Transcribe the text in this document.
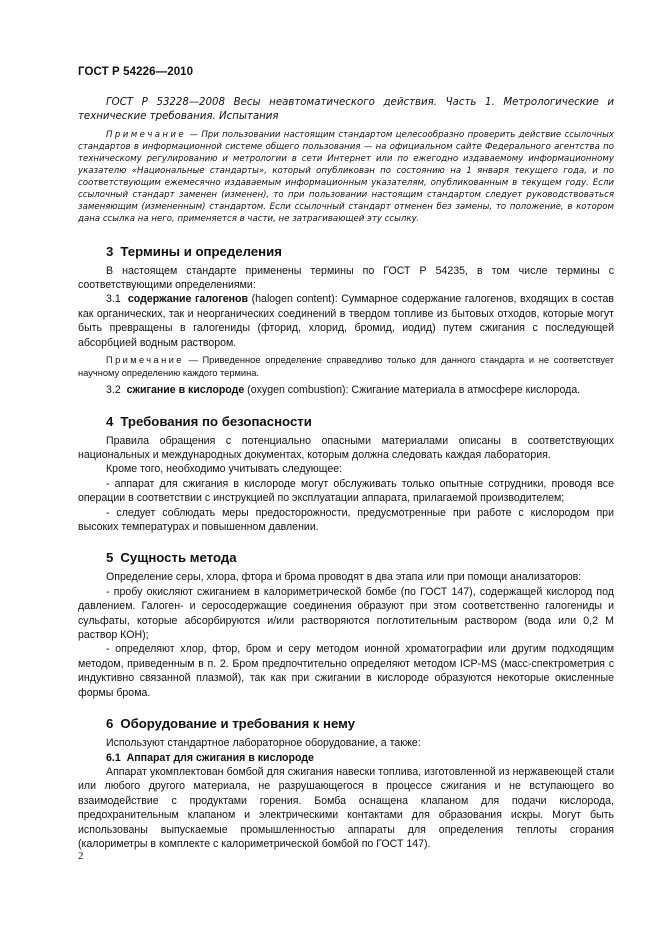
ГОСТ Р 54226—2010

ГОСТ Р 53228—2008 Весы неавтоматического действия. Часть 1. Метрологические и технические требования. Испытания

Примечание — При пользовании настоящим стандартом целесообразно проверить действие ссылочных стандартов в информационной системе общего пользования — на официальном сайте Федерального агентства по техническому регулированию и метрологии в сети Интернет или по ежегодно издаваемому информационному указателю «Национальные стандарты», который опубликован по состоянию на 1 января текущего года, и по соответствующим ежемесячно издаваемым информационным указателям, опубликованным в текущем году. Если ссылочный стандарт заменен (изменен), то при пользовании настоящим стандартом следует руководствоваться заменяющим (измененным) стандартом. Если ссылочный стандарт отменен без замены, то положение, в котором дана ссылка на него, применяется в части, не затрагивающей эту ссылку.

3 Термины и определения

В настоящем стандарте применены термины по ГОСТ Р 54235, в том числе термины с соответствующими определениями:

3.1 содержание галогенов (halogen content): Суммарное содержание галогенов, входящих в состав как органических, так и неорганических соединений в твердом топливе из бытовых отходов, которые могут быть превращены в галогениды (фторид, хлорид, бромид, иодид) путем сжигания с последующей абсорбцией водным раствором.

Примечание — Приведенное определение справедливо только для данного стандарта и не соответствует научному определению каждого термина.

3.2 сжигание в кислороде (oxygen combustion): Сжигание материала в атмосфере кислорода.

4 Требования по безопасности

Правила обращения с потенциально опасными материалами описаны в соответствующих национальных и международных документах, которым должна следовать каждая лаборатория.

Кроме того, необходимо учитывать следующее:

- аппарат для сжигания в кислороде могут обслуживать только опытные сотрудники, проводя все операции в соответствии с инструкцией по эксплуатации аппарата, прилагаемой производителем;

- следует соблюдать меры предосторожности, предусмотренные при работе с кислородом при высоких температурах и повышенном давлении.

5 Сущность метода

Определение серы, хлора, фтора и брома проводят в два этапа или при помощи анализаторов:

- пробу окисляют сжиганием в калориметрической бомбе (по ГОСТ 147), содержащей кислород под давлением. Галоген- и серосодержащие соединения образуют при этом соответственно галогениды и сульфаты, которые абсорбируются и/или растворяются поглотительным раствором (вода или 0,2 М раствор КОН);

- определяют хлор, фтор, бром и серу методом ионной хроматографии или другим подходящим методом, приведенным в п. 2. Бром предпочтительно определяют методом ICP-MS (масс-спектрометрия с индуктивно связанной плазмой), так как при сжигании в кислороде образуются некоторые окисленные формы брома.

6 Оборудование и требования к нему

Используют стандартное лабораторное оборудование, а также:

6.1 Аппарат для сжигания в кислороде

Аппарат укомплектован бомбой для сжигания навески топлива, изготовленной из нержавеющей стали или любого другого материала, не разрушающегося в процессе сжигания и не вступающего во взаимодействие с продуктами горения. Бомба оснащена клапаном для подачи кислорода, предохранительным клапаном и электрическими контактами для образования искры. Могут быть использованы выпускаемые промышленностью аппараты для определения теплоты сгорания (калориметры в комплекте с калориметрической бомбой по ГОСТ 147).

2
